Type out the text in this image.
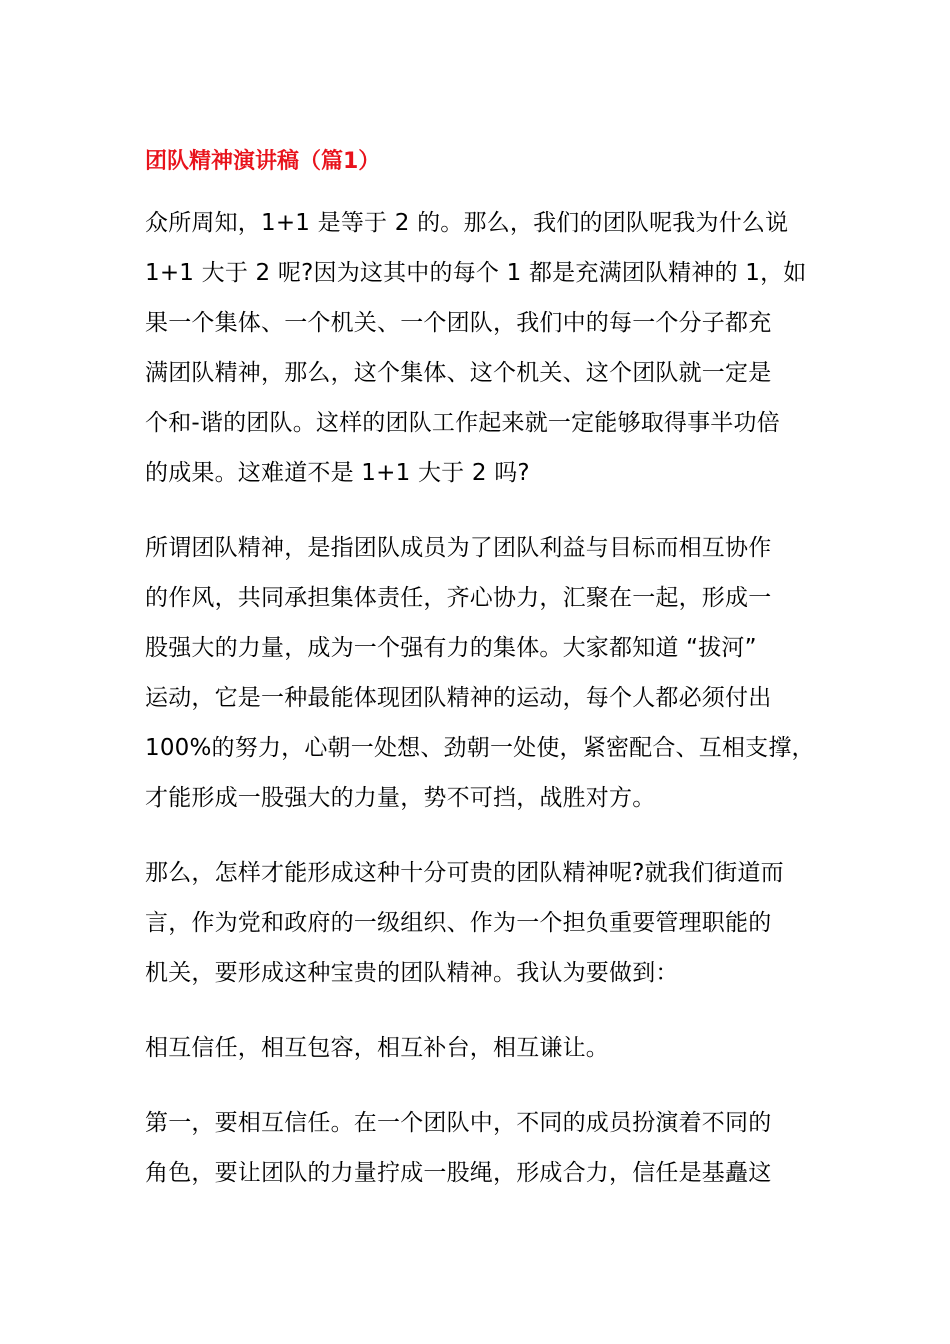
团队精神演讲稿（篇1）
众所周知，1+1 是等于 2 的。那么，我们的团队呢我为什么说
1+1 大于 2 呢?因为这其中的每个 1 都是充满团队精神的 1，如
果一个集体、一个机关、一个团队，我们中的每一个分子都充
满团队精神，那么，这个集体、这个机关、这个团队就一定是
个和-谐的团队。这样的团队工作起来就一定能够取得事半功倍
的成果。这难道不是 1+1 大于 2 吗?
所谓团队精神，是指团队成员为了团队利益与目标而相互协作
的作风，共同承担集体责任，齐心协力，汇聚在一起，形成一
股强大的力量，成为一个强有力的集体。大家都知道 “拔河”
运动，它是一种最能体现团队精神的运动，每个人都必须付出
100%的努力，心朝一处想、劲朝一处使，紧密配合、互相支撑，
才能形成一股强大的力量，势不可挡，战胜对方。
那么，怎样才能形成这种十分可贵的团队精神呢?就我们街道而
言，作为党和政府的一级组织、作为一个担负重要管理职能的
机关，要形成这种宝贵的团队精神。我认为要做到：
相互信任，相互包容，相互补台，相互谦让。
第一，要相互信任。在一个团队中，不同的成员扮演着不同的
角色，要让团队的力量拧成一股绳，形成合力，信任是基矗这
